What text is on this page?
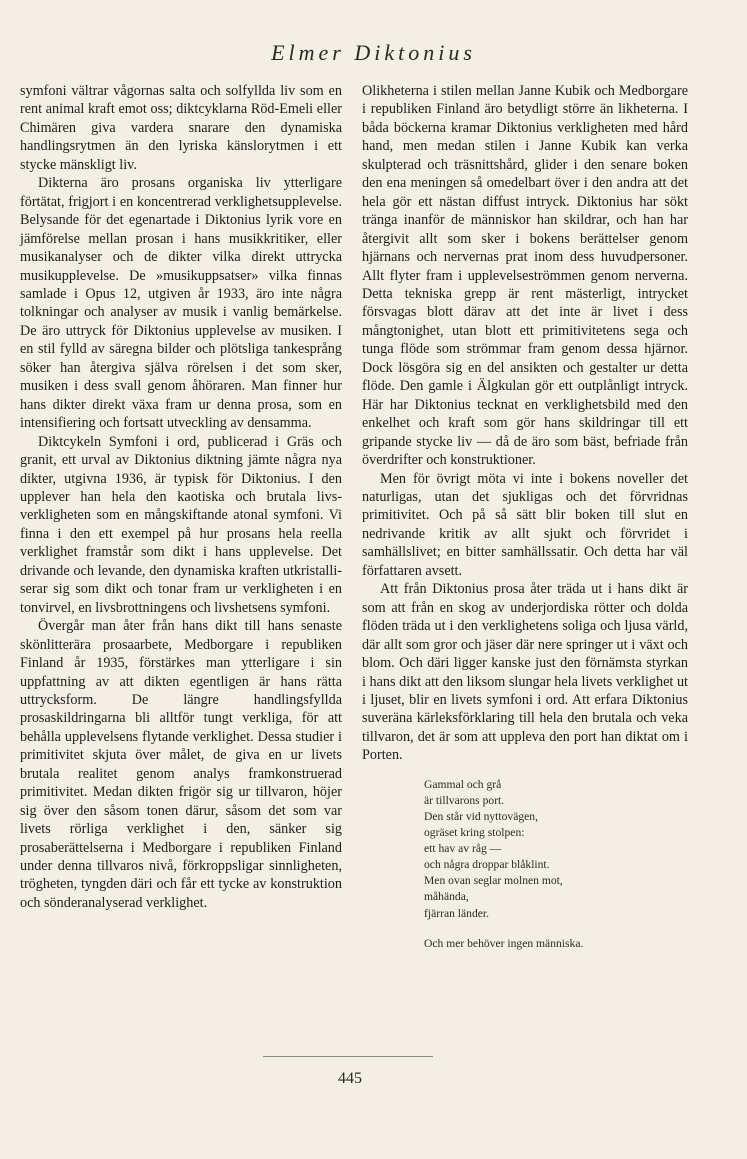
Elmer Diktonius

symfoni vältrar vågornas salta och solfyllda liv som en rent animal kraft emot oss; diktcyklarna Röd-Emeli eller Chimären giva vardera snarare den dynamiska handlingsrytmen än den lyriska känslorytmen i ett stycke mänskligt liv.

Dikterna äro prosans organiska liv ytterligare förtätat, frigjort i en koncentrerad verklighetsupplevelse. Belysande för det egenartade i Diktonius lyrik vore en jämförelse mellan prosan i hans musikkritiker, eller musikanalyser och de dikter vilka direkt uttrycka musikupplevelse. De »musikuppsatser» vilka finnas samlade i Opus 12, utgiven år 1933, äro inte några tolkningar och analyser av musik i vanlig bemärkelse. De äro uttryck för Diktonius upplevelse av musiken. I en stil fylld av säregna bilder och plötsliga tankesprång söker han återgiva själva rörelsen i det som sker, musiken i dess svall genom åhöraren. Man finner hur hans dikter direkt växa fram ur denna prosa, som en intensifiering och fortsatt utveckling av densamma.

Diktcykeln Symfoni i ord, publicerad i Gräs och granit, ett urval av Diktonius diktning jämte några nya dikter, utgivna 1936, är typisk för Diktonius. I den upplever han hela den kaotiska och brutala livsverkligheten som en mångskiftande atonal symfoni. Vi finna i den ett exempel på hur prosans hela reella verklighet framstår som dikt i hans upplevelse. Det drivande och levande, den dynamiska kraften utkristalliserar sig som dikt och tonar fram ur verkligheten i en tonvirvel, en livsbrottningens och livshetsens symfoni.

Övergår man åter från hans dikt till hans senaste skönlitterära prosaarbete, Medborgare i republiken Finland år 1935, förstärkes man ytterligare i sin uppfattning av att dikten egentligen är hans rätta uttrycksform. De längre handlingsfyllda prosaskildringarna bli alltför tungt verkliga, för att behålla upplevelsens flytande verklighet. Dessa studier i primitivitet skjuta över målet, de giva en ur livets brutala realitet genom analys framkonstruerad primitivitet. Medan dikten frigör sig ur tillvaron, höjer sig över den såsom tonen därur, såsom det som var livets rörliga verklighet i den, sänker sig prosaberättelserna i Medborgare i republiken Finland under denna tillvaros nivå, förkroppsligar sinnligheten, trögheten, tyngden däri och får ett tycke av konstruktion och sönderanalyserad verklighet.

Olikheterna i stilen mellan Janne Kubik och Medborgare i republiken Finland äro betydligt större än likheterna. I båda böckerna kramar Diktonius verkligheten med hård hand, men medan stilen i Janne Kubik kan verka skulpterad och träsnittshård, glider i den senare boken den ena meningen så omedelbart över i den andra att det hela gör ett nästan diffust intryck. Diktonius har sökt tränga inanför de människor han skildrar, och han har återgivit allt som sker i bokens berättelser genom hjärnans och nervernas prat inom dess huvudpersoner. Allt flyter fram i upplevelseströmmen genom nerverna. Detta tekniska grepp är rent mästerligt, intrycket försvagas blott därav att det inte är livet i dess mångtonighet, utan blott ett primitivitetens sega och tunga flöde som strömmar fram genom dessa hjärnor. Dock lösgöra sig en del ansikten och gestalter ur detta flöde. Den gamle i Älgkulan gör ett outplånligt intryck. Här har Diktonius tecknat en verklighetsbild med den enkelhet och kraft som gör hans skildringar till ett gripande stycke liv — då de äro som bäst, befriade från överdrifter och konstruktioner.

Men för övrigt möta vi inte i bokens noveller det naturligas, utan det sjukligas och det förvridnas primitivitet. Och på så sätt blir boken till slut en nedrivande kritik av allt sjukt och förvridet i samhällslivet; en bitter samhällssatir. Och detta har väl författaren avsett.

Att från Diktonius prosa åter träda ut i hans dikt är som att från en skog av underjordiska rötter och dolda flöden träda ut i den verklighetens soliga och ljusa värld, där allt som gror och jäser där nere springer ut i växt och blom. Och däri ligger kanske just den förnämsta styrkan i hans dikt att den liksom slungar hela livets verklighet ut i ljuset, blir en livets symfoni i ord. Att erfara Diktonius suveräna kärleksförklaring till hela den brutala och veka tillvaron, det är som att uppleva den port han diktat om i Porten.

Gammal och grå
är tillvarons port.
Den står vid nyttovägen,
ogräset kring stolpen:
ett hav av råg —
och några droppar blåklint.
Men ovan seglar molnen mot,
måhända,
fjärran länder.
Och mer behöver ingen människa.
445
